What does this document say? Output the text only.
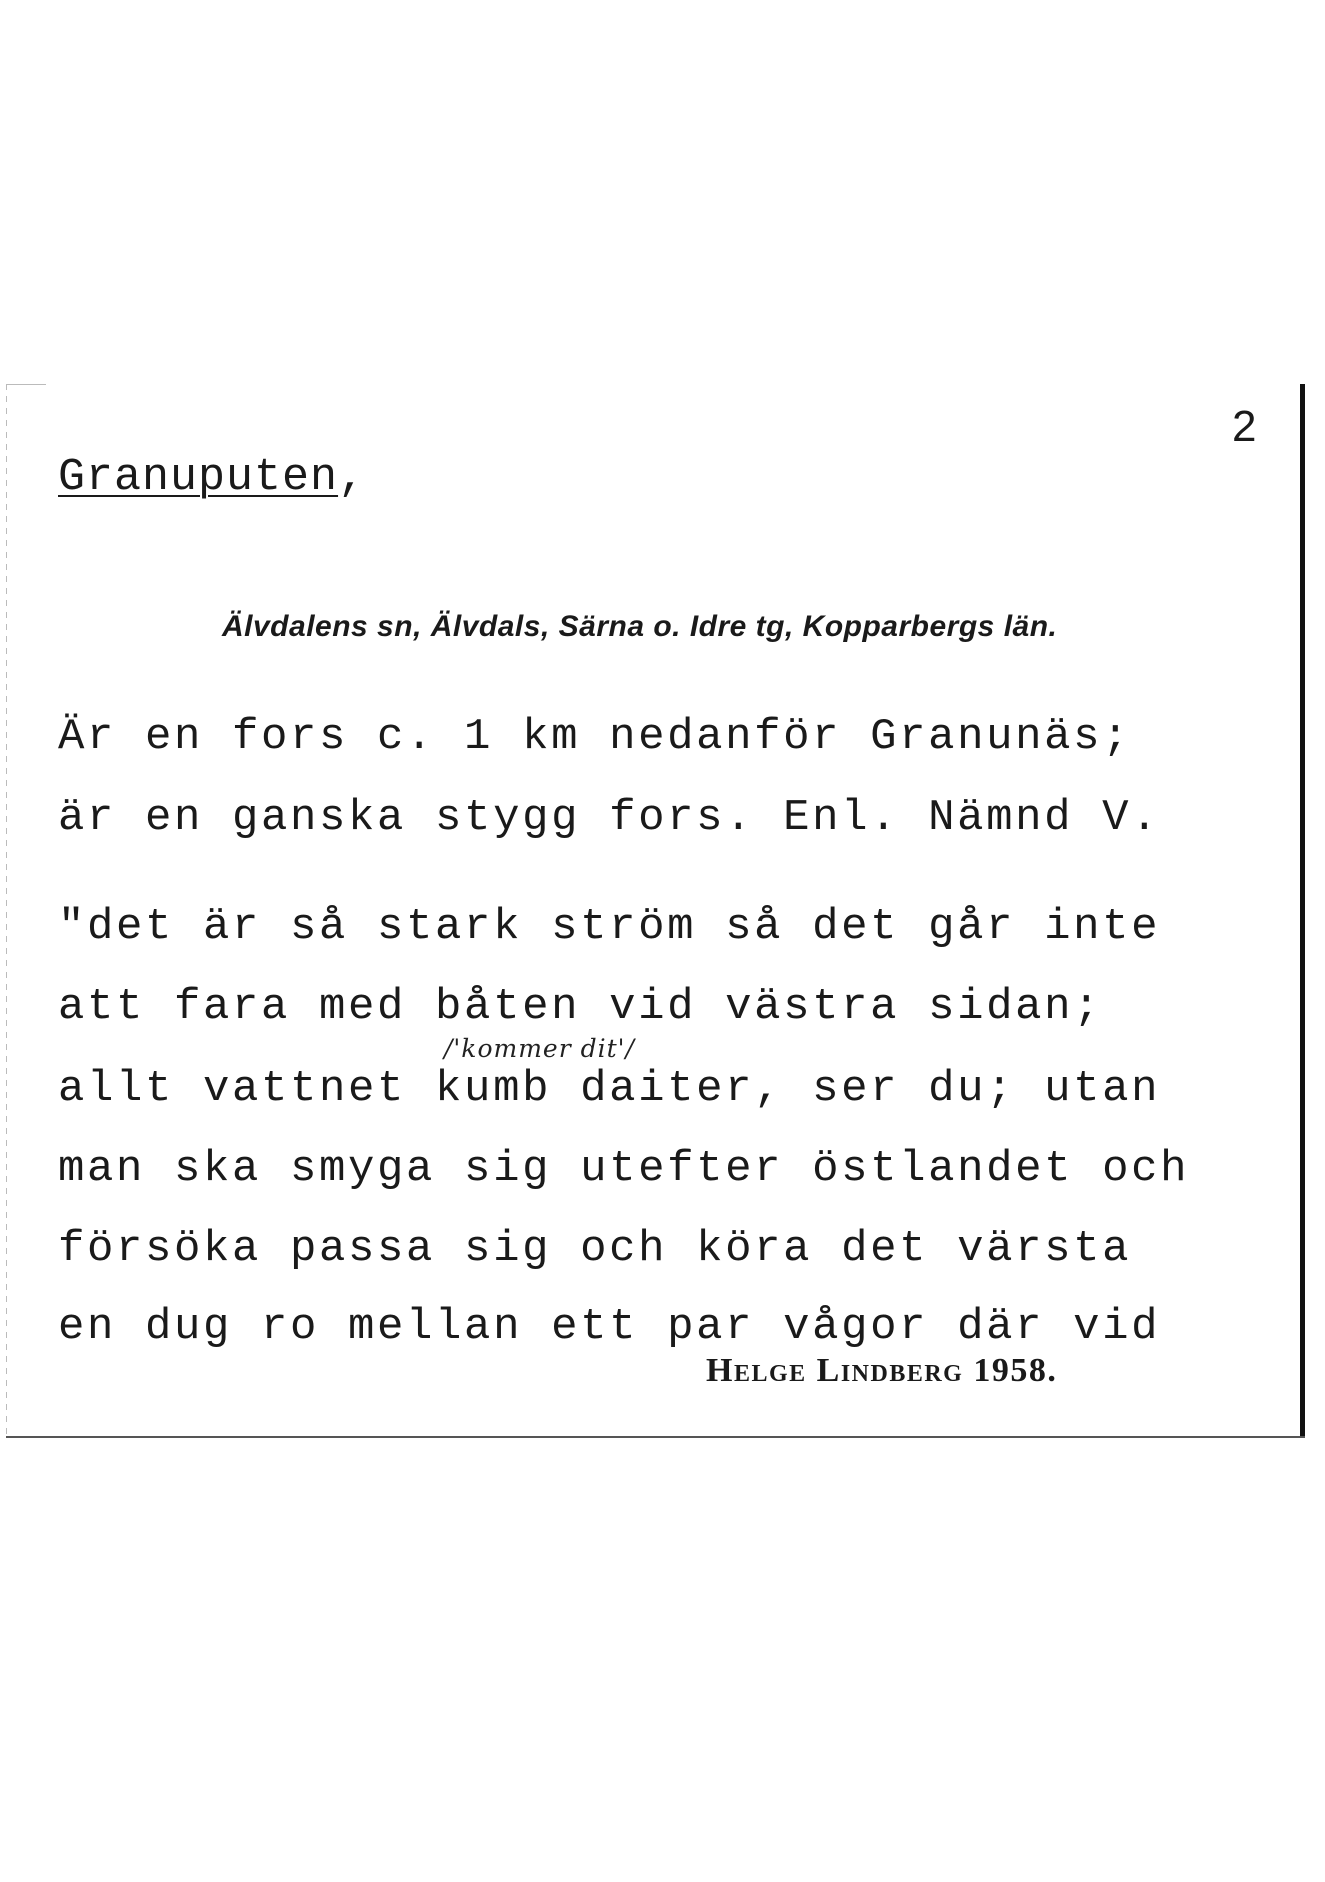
2
Granuputen,
Älvdalens sn, Älvdals, Särna o. Idre tg, Kopparbergs län.
Är en fors c. 1 km nedanför Granunäs;
är en ganska stygg fors. Enl. Nämnd V.
"det är så stark ström så det går inte
att fara med båten vid västra sidan;
/'kommer dit'/
allt vattnet kumb daiter, ser du; utan
man ska smyga sig utefter östlandet och
försöka passa sig och köra det värsta
en dug ro mellan ett par vågor där vid
Helge Lindberg 1958.
